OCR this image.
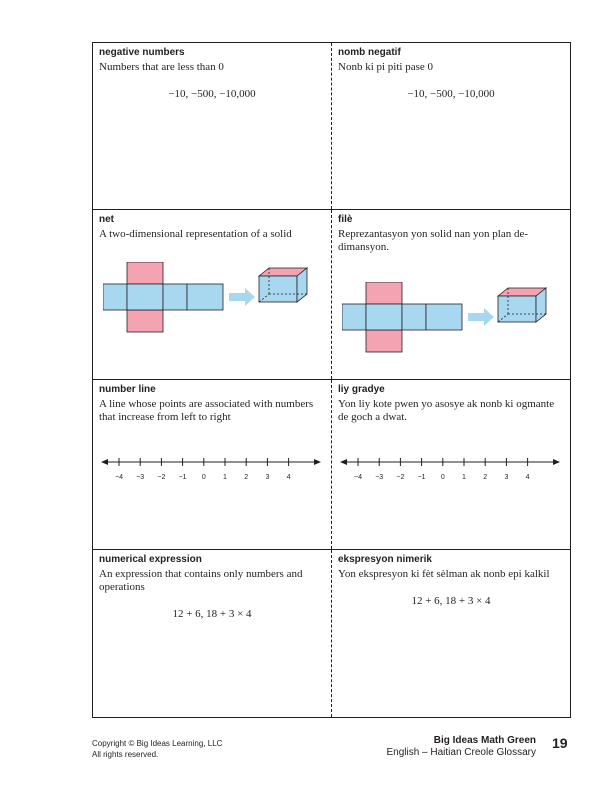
negative numbers
Numbers that are less than 0
−10, −500, −10,000
nomb negatif
Nonb ki pi piti pase 0
−10, −500, −10,000
net
A two-dimensional representation of a solid
filè
Reprezantasyon yon solid nan yon plan de-dimansyon.
number line
A line whose points are associated with numbers that increase from left to right
−4 −3 −2 −1 0 1 2 3 4
liy gradye
Yon liy kote pwen yo asosye ak nonb ki ogmante de goch a dwat.
−4 −3 −2 −1 0 1 2 3 4
numerical expression
An expression that contains only numbers and operations
12 + 6, 18 + 3 × 4
ekspresyon nimerik
Yon ekspresyon ki fèt sèlman ak nonb epi kalkil
12 + 6, 18 + 3 × 4
Copyright © Big Ideas Learning, LLC
All rights reserved.
Big Ideas Math Green
English – Haitian Creole Glossary
19
